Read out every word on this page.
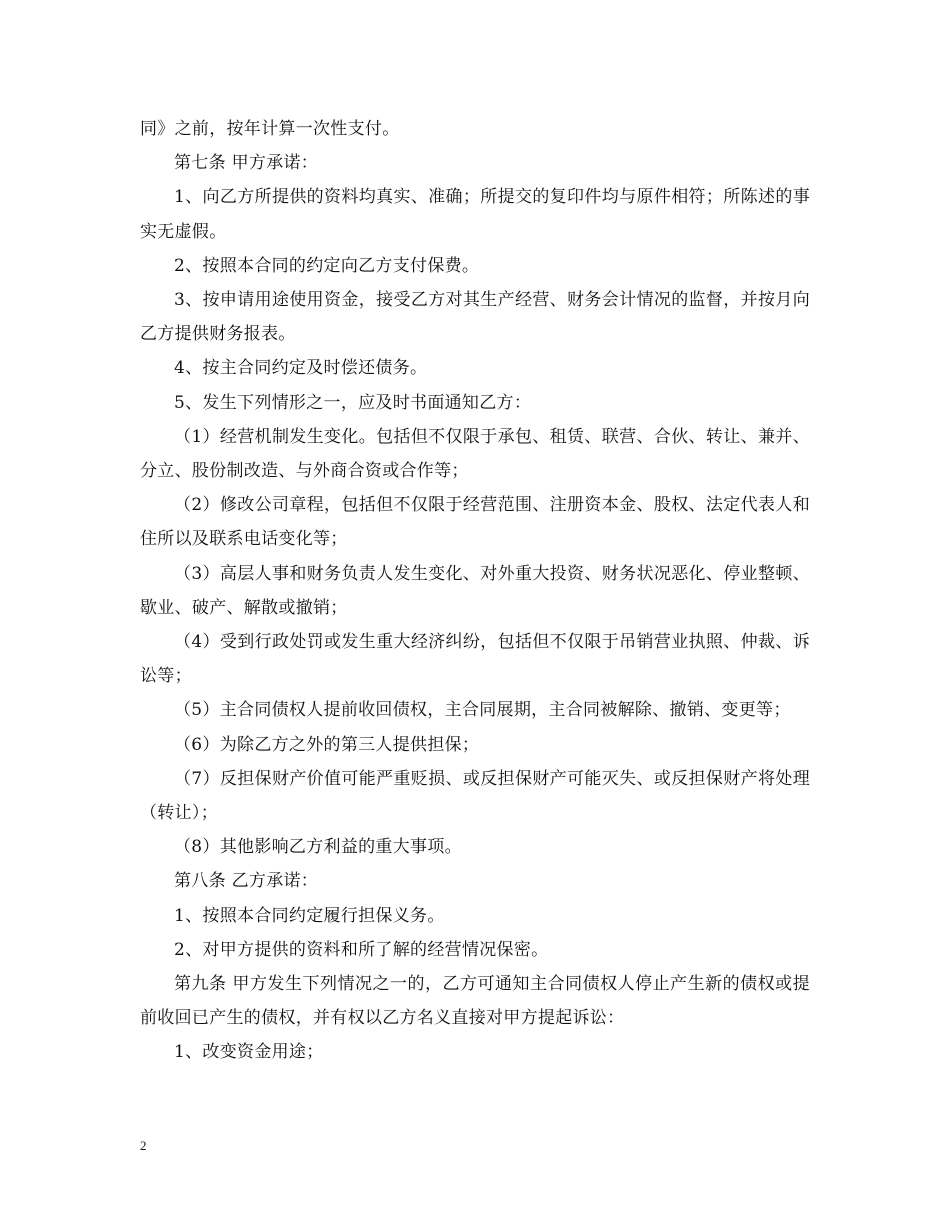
同》之前，按年计算一次性支付。

第七条 甲方承诺：

1、向乙方所提供的资料均真实、准确；所提交的复印件均与原件相符；所陈述的事实无虚假。

2、按照本合同的约定向乙方支付保费。

3、按申请用途使用资金，接受乙方对其生产经营、财务会计情况的监督，并按月向乙方提供财务报表。

4、按主合同约定及时偿还债务。

5、发生下列情形之一，应及时书面通知乙方：

（1）经营机制发生变化。包括但不仅限于承包、租赁、联营、合伙、转让、兼并、分立、股份制改造、与外商合资或合作等；

（2）修改公司章程，包括但不仅限于经营范围、注册资本金、股权、法定代表人和住所以及联系电话变化等；

（3）高层人事和财务负责人发生变化、对外重大投资、财务状况恶化、停业整顿、歇业、破产、解散或撤销；

（4）受到行政处罚或发生重大经济纠纷，包括但不仅限于吊销营业执照、仲裁、诉讼等；

（5）主合同债权人提前收回债权，主合同展期，主合同被解除、撤销、变更等；

（6）为除乙方之外的第三人提供担保；

（7）反担保财产价值可能严重贬损、或反担保财产可能灭失、或反担保财产将处理（转让）；

（8）其他影响乙方利益的重大事项。

第八条 乙方承诺：

1、按照本合同约定履行担保义务。

2、对甲方提供的资料和所了解的经营情况保密。

第九条 甲方发生下列情况之一的，乙方可通知主合同债权人停止产生新的债权或提前收回已产生的债权，并有权以乙方名义直接对甲方提起诉讼：

1、改变资金用途；

2
